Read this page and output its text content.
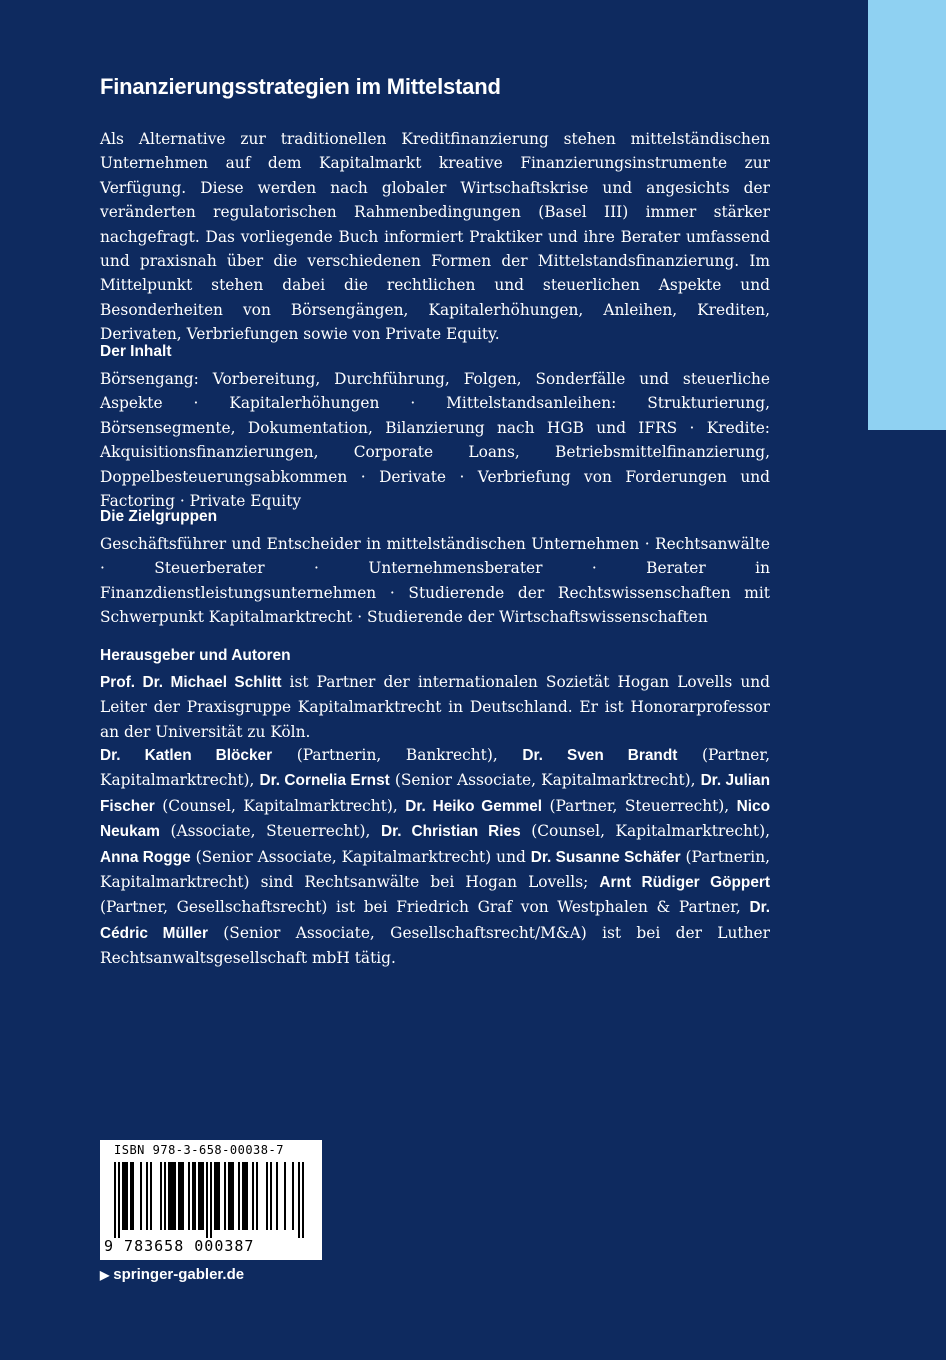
Finanzierungsstrategien im Mittelstand

Als Alternative zur traditionellen Kreditfinanzierung stehen mittelständischen Unternehmen auf dem Kapitalmarkt kreative Finanzierungsinstrumente zur Verfügung. Diese werden nach globaler Wirtschaftskrise und angesichts der veränderten regulatorischen Rahmenbedingungen (Basel III) immer stärker nachgefragt. Das vorliegende Buch informiert Praktiker und ihre Berater umfassend und praxisnah über die verschiedenen Formen der Mittelstandsfinanzierung. Im Mittelpunkt stehen dabei die rechtlichen und steuerlichen Aspekte und Besonderheiten von Börsengängen, Kapitalerhöhungen, Anleihen, Krediten, Derivaten, Verbriefungen sowie von Private Equity.

Der Inhalt

Börsengang: Vorbereitung, Durchführung, Folgen, Sonderfälle und steuerliche Aspekte · Kapitalerhöhungen · Mittelstandsanleihen: Strukturierung, Börsensegmente, Dokumentation, Bilanzierung nach HGB und IFRS · Kredite: Akquisitionsfinanzierungen, Corporate Loans, Betriebsmittelfinanzierung, Doppelbesteuerungsabkommen · Derivate · Verbriefung von Forderungen und Factoring · Private Equity

Die Zielgruppen

Geschäftsführer und Entscheider in mittelständischen Unternehmen · Rechtsanwälte · Steuerberater · Unternehmensberater · Berater in Finanzdienstleistungsunternehmen · Studierende der Rechtswissenschaften mit Schwerpunkt Kapitalmarktrecht · Studierende der Wirtschaftswissenschaften

Herausgeber und Autoren

Prof. Dr. Michael Schlitt ist Partner der internationalen Sozietät Hogan Lovells und Leiter der Praxisgruppe Kapitalmarktrecht in Deutschland. Er ist Honorarprofessor an der Universität zu Köln.

Dr. Katlen Blöcker (Partnerin, Bankrecht), Dr. Sven Brandt (Partner, Kapitalmarktrecht), Dr. Cornelia Ernst (Senior Associate, Kapitalmarktrecht), Dr. Julian Fischer (Counsel, Kapitalmarktrecht), Dr. Heiko Gemmel (Partner, Steuerrecht), Nico Neukam (Associate, Steuerrecht), Dr. Christian Ries (Counsel, Kapitalmarktrecht), Anna Rogge (Senior Associate, Kapitalmarktrecht) und Dr. Susanne Schäfer (Partnerin, Kapitalmarktrecht) sind Rechtsanwälte bei Hogan Lovells; Arnt Rüdiger Göppert (Partner, Gesellschaftsrecht) ist bei Friedrich Graf von Westphalen & Partner, Dr. Cédric Müller (Senior Associate, Gesellschaftsrecht/M&A) ist bei der Luther Rechtsanwaltsgesellschaft mbH tätig.

ISBN 978-3-658-00038-7
9 783658 000387
▶ springer-gabler.de
